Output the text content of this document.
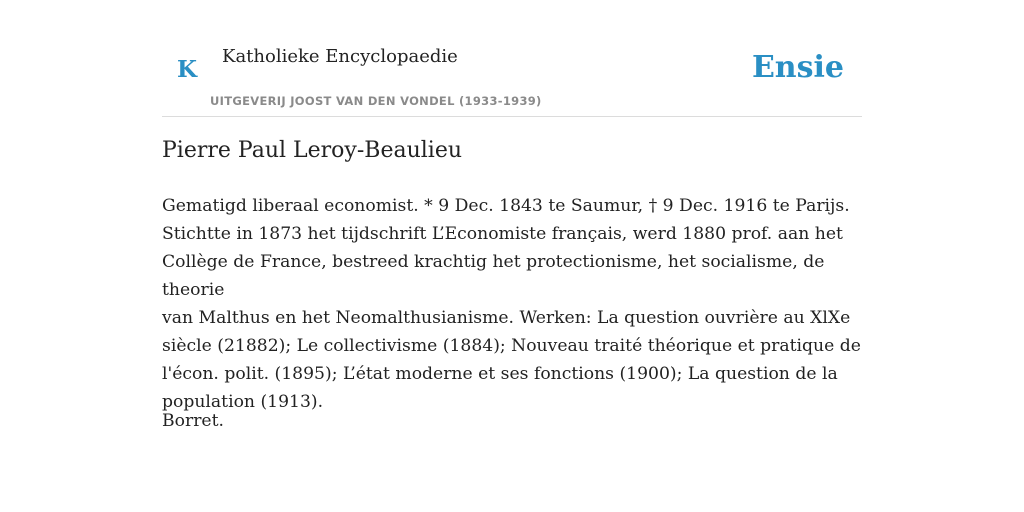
K Katholieke Encyclopaedie
UITGEVERIJ JOOST VAN DEN VONDEL (1933-1939)
Ensie
Pierre Paul Leroy-Beaulieu

Gematigd liberaal economist. * 9 Dec. 1843 te Saumur, † 9 Dec. 1916 te Parijs.

Stichtte in 1873 het tijdschrift L’Economiste français, werd 1880 prof. aan het

Collège de France, bestreed krachtig het protectionisme, het socialisme, de theorie

van Malthus en het Neomalthusianisme. Werken: La question ouvrière au XlXe

siècle (21882); Le collectivisme (1884); Nouveau traité théorique et pratique de

l'écon. polit. (1895); L’état moderne et ses fonctions (1900); La question de la

population (1913).

Borret.
